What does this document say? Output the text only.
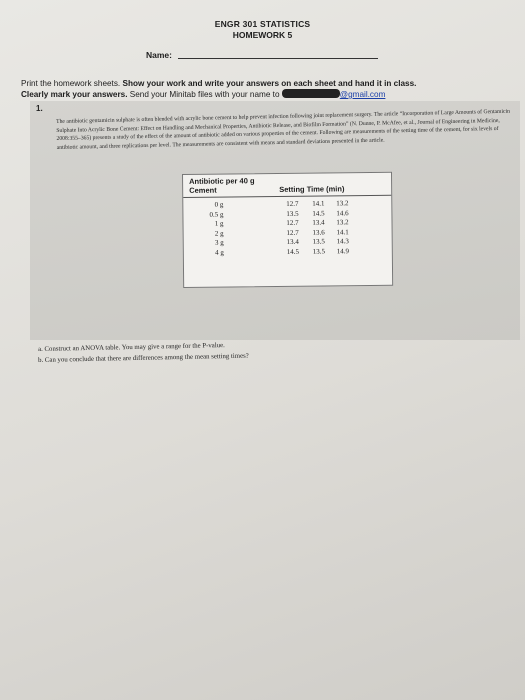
ENGR 301 STATISTICS
HOMEWORK 5
Name:
Print the homework sheets. Show your work and write your answers on each sheet and hand it in class.
Clearly mark your answers. Send your Minitab files with your name to	@gmail.com
1.
The antibiotic gentamicin sulphate is often blended with acrylic bone cement to help prevent infection following joint replacement surgery. The article “Incorporation of Large Amounts of Gentamicin Sulphate Into Acrylic Bone Cement: Effect on Handling and Mechanical Properties, Antibiotic Release, and Biofilm Formation” (N. Dunne, P. McAfee, et al., Journal of Engineering in Medicine, 2008:355–365) presents a study of the effect of the amount of antibiotic added on various properties of the cement. Following are measurements of the setting time of the cement, for six levels of antibiotic amount, and three replications per level. The measurements are consistent with means and standard deviations presented in the article.
Antibiotic per 40 g Cement	Setting Time (min)
0 g	12.7	14.1	13.2
0.5 g	13.5	14.5	14.6
1 g	12.7	13.4	13.2
2 g	12.7	13.6	14.1
3 g	13.4	13.5	14.3
4 g	14.5	13.5	14.9
a. Construct an ANOVA table. You may give a range for the P-value.
b. Can you conclude that there are differences among the mean setting times?
